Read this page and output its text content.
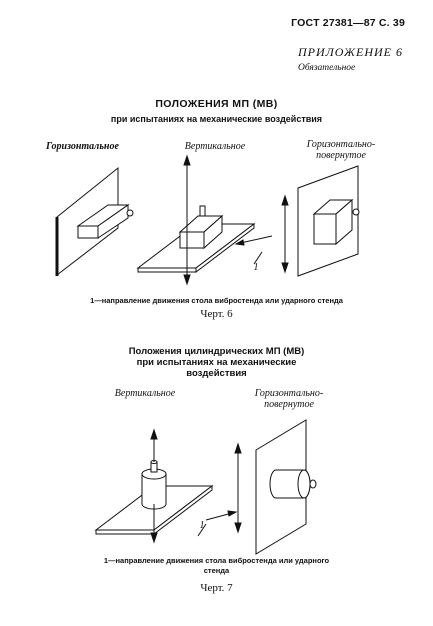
ГОСТ 27381—87 С. 39
ПРИЛОЖЕНИЕ 6
Обязательное
ПОЛОЖЕНИЯ МП (МВ)
при испытаниях на механические воздействия
Горизонтальное	Вертикальное	Горизонтально-
повернутое
1
1—направление движения стола вибростенда или ударного стенда
Черт. 6
Положения цилиндрических МП (МВ)
при испытаниях на механические
воздействия
Вертикальное	Горизонтально-
повернутое
1
1—направление движения стола вибростенда или ударного
стенда
Черт. 7
